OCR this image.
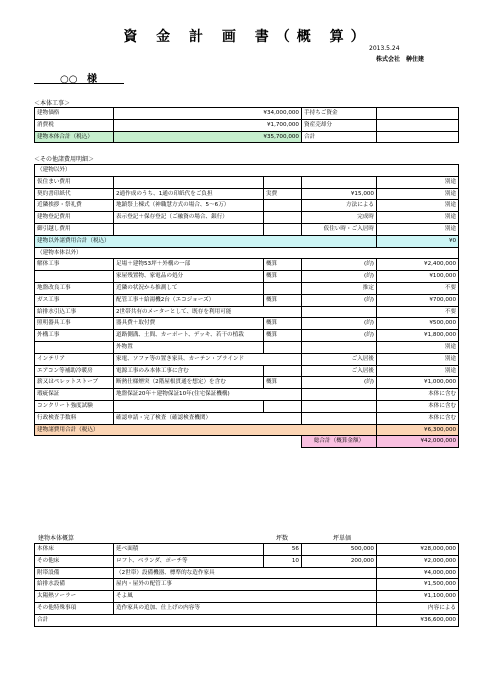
資 金 計 画 書（概 算）
2013.5.24
株式会社　榊住建
○○ 様
＜本体工事＞
建物価格	¥34,000,000	手持ちご資金	
消費税	¥1,700,000	資産売却分	
建物本体合計（税込）	¥35,700,000	合計	
＜その他諸費用明細＞
（建物以外）				
仮住まい費用				別途
契約書印紙代	2通作成のうち、1通の印紙代をご負担	実費	¥15,000	別途
近隣挨拶・祭礼費	地鎮祭上棟式（神職慧方式の場合、5～6万）		方法による	別途
建物登記費用	表示登記＋保存登記（ご融資の場合、銀行）		完成時	別途
御引越し費用			仮住い時・ご入居時	別途
建物以外諸費用合計（税込）				¥0
（建物本体以外）				
解体工事	足場＋建物53坪＋外構の一部	概算	(約)	¥2,400,000
	家屋残置物、家電品の処分	概算	(約)	¥100,000
地盤改良工事	近隣の状況から推測して		推定	不要
ガス工事	配管工事＋給湯機2台（エコジョーズ）	概算	(約)	¥700,000
給排水引込工事	2世帯共有のメーターとして、既存を利用可能			不要
照明器具工事	器具費＋取付費	概算	(約)	¥500,000
外構工事	道路側溝、土間、カーポート、デッキ、若干の植栽	概算	(約)	¥1,800,000
	外物置			別途
インテリア	家電、ソファ等の置き家具、カーテン・ブラインド		ご入居後	別途
エアコン等補助冷暖房	電源工事のみ本体工事に含む		ご入居後	別途
薪又はペレットストーブ	断熱仕様煙突（2階屋根貫通を想定）を含む	概算	(約)	¥1,000,000
瑕疵保証	地盤保証20年＋建物保証10年(住宅保証機構)			本体に含む
コンクリート強度試験				本体に含む
行政検査手数料	確認申請・完了検査（確認検査機関）			本体に含む
建物諸費用合計（税込）				¥6,300,000
			総合計（概算金額）	¥42,000,000
建物本体概算	坪数	坪単価
本体床	延べ面積	56	500,000	¥28,000,000
その他床	ロフト、ベランダ、ポーチ等	10	200,000	¥2,000,000
附帯設備	（2世帯）設備機器、標準的な造作家具			¥4,000,000
給排水設備	屋内・屋外の配管工事			¥1,500,000
太陽熱ソーラー	そよ風			¥1,100,000
その他特殊事項	造作家具の追加、仕上げの内容等			内容による
合計				¥36,600,000
